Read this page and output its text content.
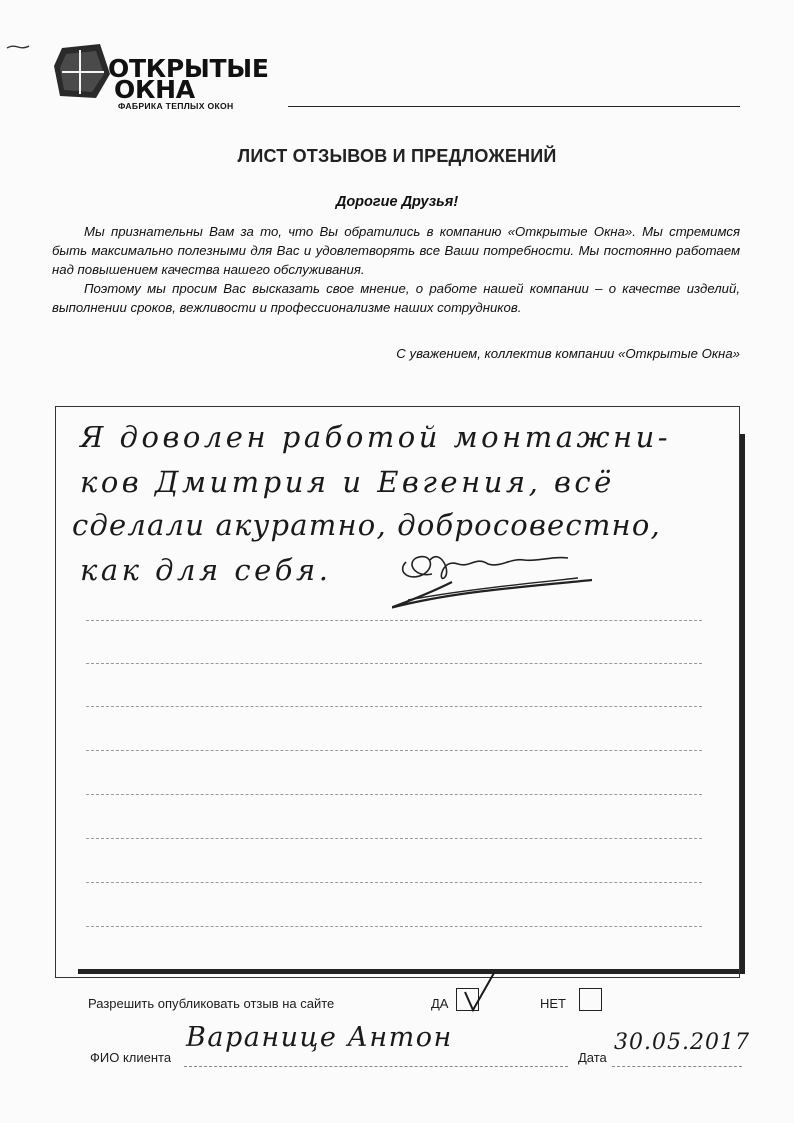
ОТКРЫТЫЕ
ОКНА
ФАБРИКА ТЕПЛЫХ ОКОН
ЛИСТ ОТЗЫВОВ И ПРЕДЛОЖЕНИЙ
Дорогие Друзья!

Мы признательны Вам за то, что Вы обратились в компанию «Открытые Окна». Мы стремимся быть максимально полезными для Вас и удовлетворять все Ваши потребности. Мы постоянно работаем над повышением качества нашего обслуживания.

Поэтому мы просим Вас высказать свое мнение, о работе нашей компании – о качестве изделий, выполнении сроков, вежливости и профессионализме наших сотрудников.

С уважением, коллектив компании «Открытые Окна»
Я доволен работой монтажни-
ков Дмитрия и Евгения, всё
сделали акуратно, добросовестно,
как для себя.
Разрешить опубликовать отзыв на сайте	ДА	НЕТ
ФИО клиента
Вараницe Антон
Дата
30.05.2017
